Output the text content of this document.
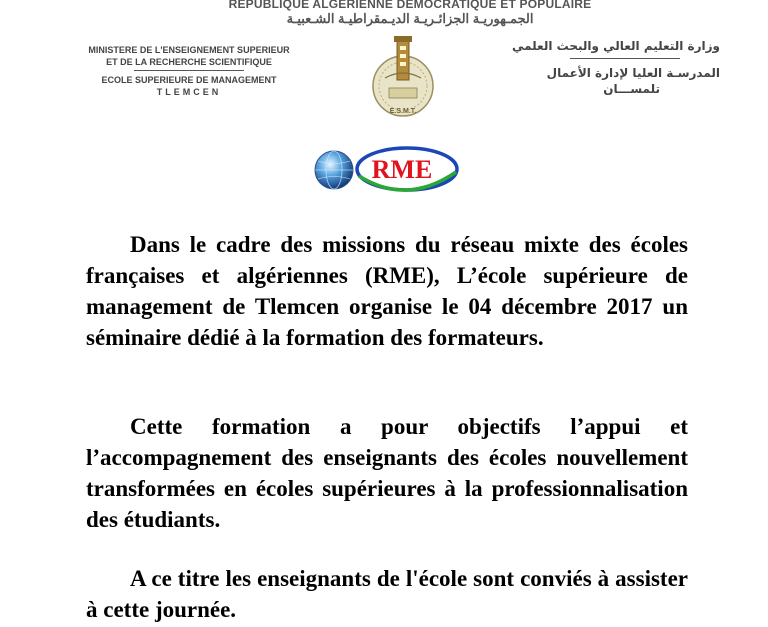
REPUBLIQUE ALGERIENNE DEMOCRATIQUE ET POPULAIRE
الجمـهوريـة الجزائـريـة الديـمقراطيـة الشـعبيـة
MINISTERE DE L'ENSEIGNEMENT SUPERIEUR
ET DE LA RECHERCHE SCIENTIFIQUE
ECOLE SUPERIEURE DE MANAGEMENT
TLEMCEN
وزارة التعليم العالي والبحث العلمي
المدرسـة العليا لإدارة الأعمال
تلمســـان
E.S.M.T.
RME

Dans le cadre des missions du réseau mixte des écoles françaises et algériennes (RME), L’école supérieure de management de Tlemcen organise le 04 décembre 2017 un séminaire dédié à la formation des formateurs.

Cette formation a pour objectifs l’appui et l’accompagnement des enseignants des écoles nouvellement transformées en écoles supérieures à la professionnalisation des étudiants.

A ce titre les enseignants de l'école sont conviés à assister à cette journée.
